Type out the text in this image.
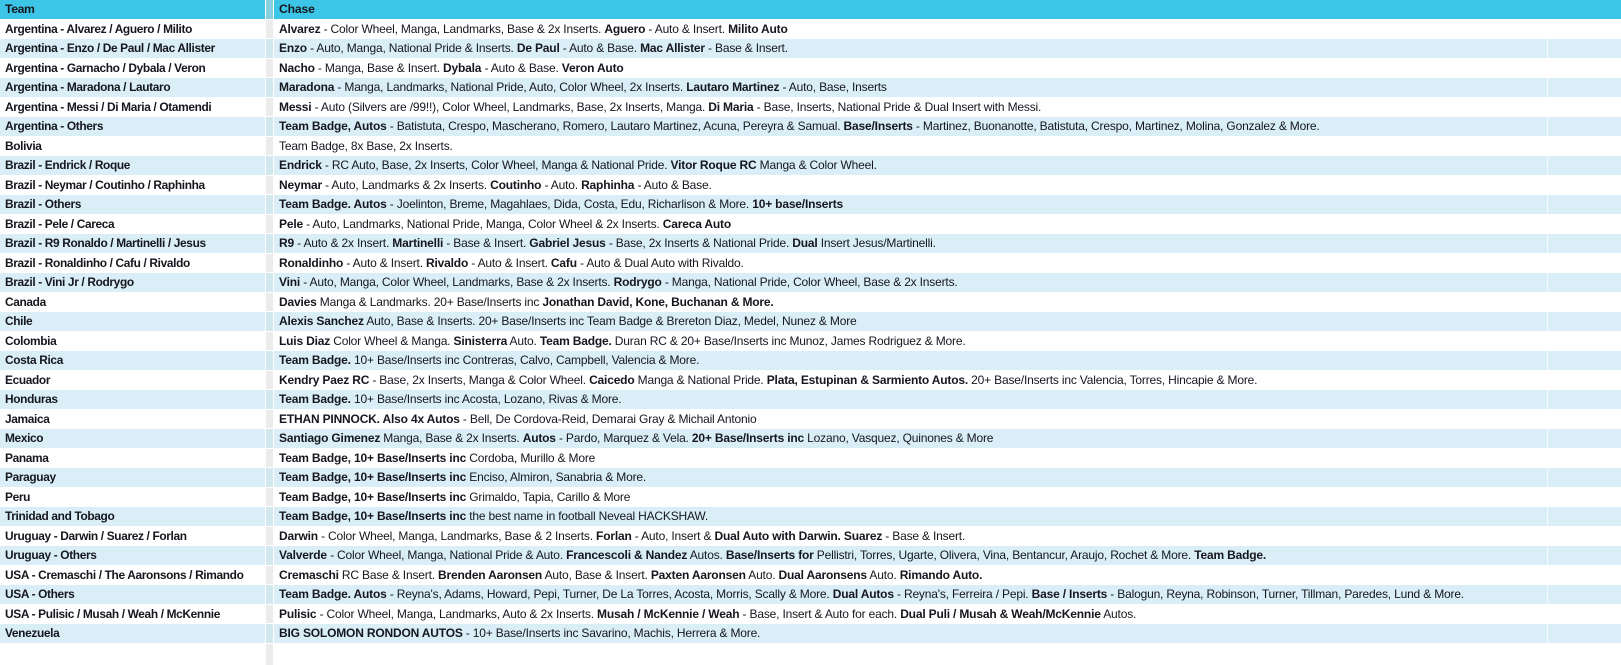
Team	Chase
Argentina - Alvarez / Aguero / Milito	Alvarez - Color Wheel, Manga, Landmarks, Base & 2x Inserts. Aguero - Auto & Insert. Milito Auto
Argentina - Enzo / De Paul / Mac Allister	Enzo - Auto, Manga, National Pride & Inserts. De Paul - Auto & Base. Mac Allister - Base & Insert.
Argentina - Garnacho / Dybala / Veron	Nacho - Manga, Base & Insert. Dybala - Auto & Base. Veron Auto
Argentina - Maradona / Lautaro	Maradona - Manga, Landmarks, National Pride, Auto, Color Wheel, 2x Inserts. Lautaro Martinez - Auto, Base, Inserts
Argentina - Messi / Di Maria / Otamendi	Messi - Auto (Silvers are /99!!), Color Wheel, Landmarks, Base, 2x Inserts, Manga. Di Maria - Base, Inserts, National Pride & Dual Insert with Messi.
Argentina - Others	Team Badge, Autos - Batistuta, Crespo, Mascherano, Romero, Lautaro Martinez, Acuna, Pereyra & Samual. Base/Inserts - Martinez, Buonanotte, Batistuta, Crespo, Martinez, Molina, Gonzalez & More.
Bolivia	Team Badge, 8x Base, 2x Inserts.
Brazil - Endrick / Roque	Endrick - RC Auto, Base, 2x Inserts, Color Wheel, Manga & National Pride. Vitor Roque RC Manga & Color Wheel.
Brazil - Neymar / Coutinho / Raphinha	Neymar - Auto, Landmarks & 2x Inserts. Coutinho - Auto. Raphinha - Auto & Base.
Brazil - Others	Team Badge. Autos - Joelinton, Breme, Magahlaes, Dida, Costa, Edu, Richarlison & More. 10+ base/Inserts
Brazil - Pele / Careca	Pele - Auto, Landmarks, National Pride, Manga, Color Wheel & 2x Inserts. Careca Auto
Brazil - R9 Ronaldo / Martinelli / Jesus	R9 - Auto & 2x Insert. Martinelli - Base & Insert. Gabriel Jesus - Base, 2x Inserts & National Pride. Dual Insert Jesus/Martinelli.
Brazil - Ronaldinho / Cafu / Rivaldo	Ronaldinho - Auto & Insert. Rivaldo - Auto & Insert. Cafu - Auto & Dual Auto with Rivaldo.
Brazil - Vini Jr / Rodrygo	Vini - Auto, Manga, Color Wheel, Landmarks, Base & 2x Inserts. Rodrygo - Manga, National Pride, Color Wheel, Base & 2x Inserts.
Canada	Davies Manga & Landmarks. 20+ Base/Inserts inc Jonathan David, Kone, Buchanan & More.
Chile	Alexis Sanchez Auto, Base & Inserts. 20+ Base/Inserts inc Team Badge & Brereton Diaz, Medel, Nunez & More
Colombia	Luis Diaz Color Wheel & Manga. Sinisterra Auto. Team Badge. Duran RC & 20+ Base/Inserts inc Munoz, James Rodriguez & More.
Costa Rica	Team Badge. 10+ Base/Inserts inc Contreras, Calvo, Campbell, Valencia & More.
Ecuador	Kendry Paez RC - Base, 2x Inserts, Manga & Color Wheel. Caicedo Manga & National Pride. Plata, Estupinan & Sarmiento Autos. 20+ Base/Inserts inc Valencia, Torres, Hincapie & More.
Honduras	Team Badge. 10+ Base/Inserts inc Acosta, Lozano, Rivas & More.
Jamaica	ETHAN PINNOCK. Also 4x Autos - Bell, De Cordova-Reid, Demarai Gray & Michail Antonio
Mexico	Santiago Gimenez Manga, Base & 2x Inserts. Autos - Pardo, Marquez & Vela. 20+ Base/Inserts inc Lozano, Vasquez, Quinones & More
Panama	Team Badge, 10+ Base/Inserts inc Cordoba, Murillo & More
Paraguay	Team Badge, 10+ Base/Inserts inc Enciso, Almiron, Sanabria & More.
Peru	Team Badge, 10+ Base/Inserts inc Grimaldo, Tapia, Carillo & More
Trinidad and Tobago	Team Badge, 10+ Base/Inserts inc the best name in football Neveal HACKSHAW.
Uruguay - Darwin / Suarez / Forlan	Darwin - Color Wheel, Manga, Landmarks, Base & 2 Inserts. Forlan - Auto, Insert & Dual Auto with Darwin. Suarez - Base & Insert.
Uruguay - Others	Valverde - Color Wheel, Manga, National Pride & Auto. Francescoli & Nandez Autos. Base/Inserts for Pellistri, Torres, Ugarte, Olivera, Vina, Bentancur, Araujo, Rochet & More. Team Badge.
USA - Cremaschi / The Aaronsons / Rimando	Cremaschi RC Base & Insert. Brenden Aaronsen Auto, Base & Insert. Paxten Aaronsen Auto. Dual Aaronsens Auto. Rimando Auto.
USA - Others	Team Badge. Autos - Reyna's, Adams, Howard, Pepi, Turner, De La Torres, Acosta, Morris, Scally & More. Dual Autos - Reyna's, Ferreira / Pepi. Base / Inserts - Balogun, Reyna, Robinson, Turner, Tillman, Paredes, Lund & More.
USA - Pulisic / Musah / Weah / McKennie	Pulisic - Color Wheel, Manga, Landmarks, Auto & 2x Inserts. Musah / McKennie / Weah - Base, Insert & Auto for each. Dual Puli / Musah & Weah/McKennie Autos.
Venezuela	BIG SOLOMON RONDON AUTOS - 10+ Base/Inserts inc Savarino, Machis, Herrera & More.
